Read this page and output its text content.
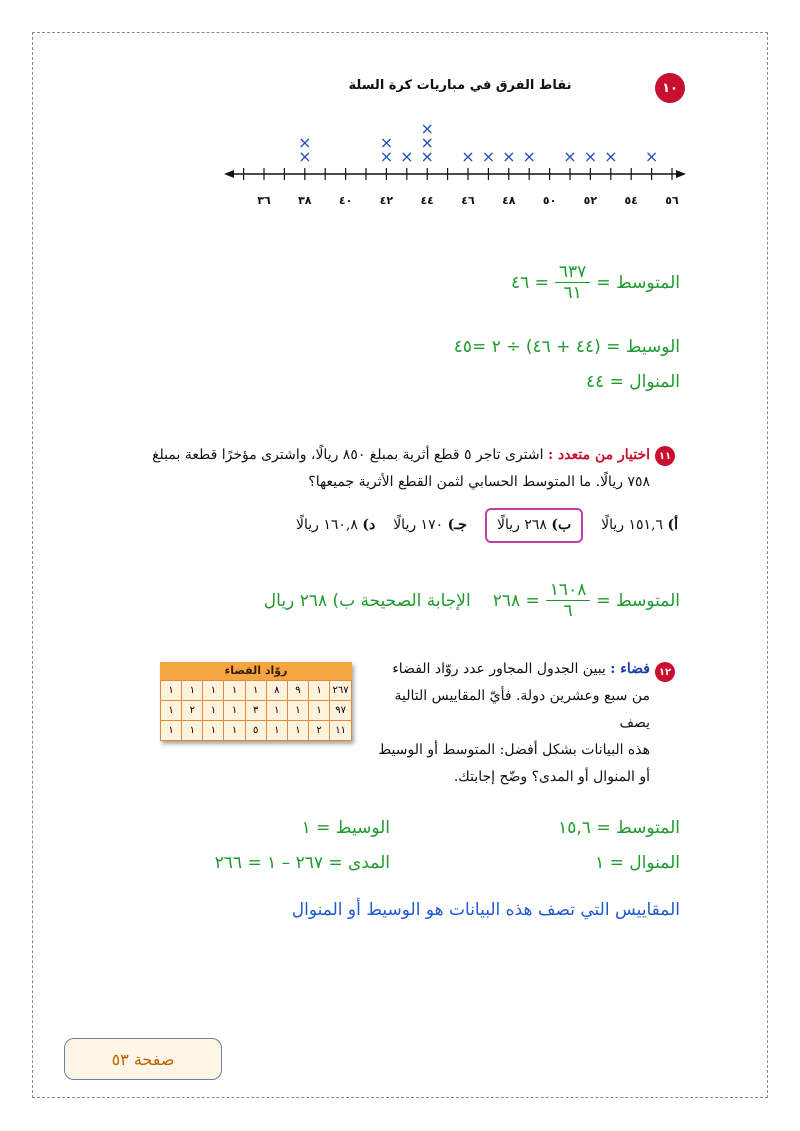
١٠
نقاط الفرق في مباريات كرة السلة
٣٦ ٣٨ ٤٠ ٤٢ ٤٤ ٤٦ ٤٨ ٥٠ ٥٢ ٥٤ ٥٦
×
×
×
×
× ×
×
×
× × × × × × × ×
المتوسط =
$\frac{٦٣٧}{٦١}$
= ٤٦
الوسيط = (٤٤ + ٤٦) ÷ ٢ =٤٥
المنوال = ٤٤
١١
اختيار من متعدد : اشترى تاجر ٥ قطع أثرية بمبلغ ٨٥٠ ريالًا، واشترى مؤخرًا قطعة بمبلغ
٧٥٨ ريالًا. ما المتوسط الحسابي لثمن القطع الأثرية جميعها؟
أ) ١٥١,٦ ريالًا
ب) ٢٦٨ ريالًا
جـ) ١٧٠ ريالًا
د) ١٦٠,٨ ريالًا
المتوسط =
$\frac{١٦٠٨}{٦}$
= ٢٦٨
الإجابة الصحيحة ب) ٢٦٨ ريال
١٢
فضاء : يبين الجدول المجاور عدد روّاد الفضاء
من سبع وعشرين دولة. فأيّ المقاييس التالية يصف
هذه البيانات بشكل أفضل: المتوسط أو الوسيط
أو المنوال أو المدى؟ وضّح إجابتك.
روّاد الفضاء
٢٦٧	١	٩	٨	١	١	١	١	١
٩٧	١	١	١	٣	١	١	٢	١
١١	٢	١	١	٥	١	١	١	١
المتوسط = ١٥,٦
الوسيط = ١
المنوال = ١
المدى = ٢٦٧ – ١ = ٢٦٦
المقاييس التي تصف هذه البيانات هو الوسيط أو المنوال
صفحة ٥٣
